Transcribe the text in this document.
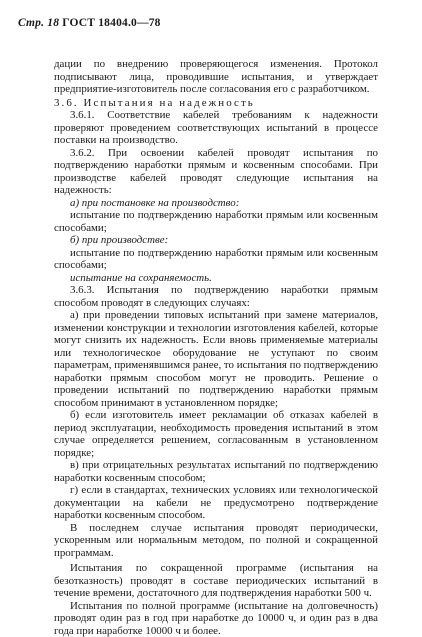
Стр. 18 ГОСТ 18404.0—78

дации по внедрению проверяющегося изменения. Протокол подписывают лица, проводившие испытания, и утверждает предприятие-изготовитель после согласования его с разработчиком.

3.6. Испытания на надежность

3.6.1. Соответствие кабелей требованиям к надежности проверяют проведением соответствующих испытаний в процессе поставки на производство.

3.6.2. При освоении кабелей проводят испытания по подтверждению наработки прямым и косвенным способами. При производстве кабелей проводят следующие испытания на надежность:

а) при постановке на производство:

испытание по подтверждению наработки прямым или косвенным способами;

б) при производстве:

испытание по подтверждению наработки прямым или косвенным способами;

испытание на сохраняемость.

3.6.3. Испытания по подтверждению наработки прямым способом проводят в следующих случаях:

а) при проведении типовых испытаний при замене материалов, изменении конструкции и технологии изготовления кабелей, которые могут снизить их надежность. Если вновь применяемые материалы или технологическое оборудование не уступают по своим параметрам, применявшимся ранее, то испытания по подтверждению наработки прямым способом могут не проводить. Решение о проведении испытаний по подтверждению наработки прямым способом принимают в установленном порядке;

б) если изготовитель имеет рекламации об отказах кабелей в период эксплуатации, необходимость проведения испытаний в этом случае определяется решением, согласованным в установленном порядке;

в) при отрицательных результатах испытаний по подтверждению наработки косвенным способом;

г) если в стандартах, технических условиях или технологической документации на кабели не предусмотрено подтверждение наработки косвенным способом.

В последнем случае испытания проводят периодически, ускоренным или нормальным методом, по полной и сокращенной программам.

Испытания по сокращенной программе (испытания на безотказность) проводят в составе периодических испытаний в течение времени, достаточного для подтверждения наработки 500 ч.

Испытания по полной программе (испытание на долговечность) проводят один раз в год при наработке до 10000 ч, и один раз в два года при наработке 10000 ч и более.
